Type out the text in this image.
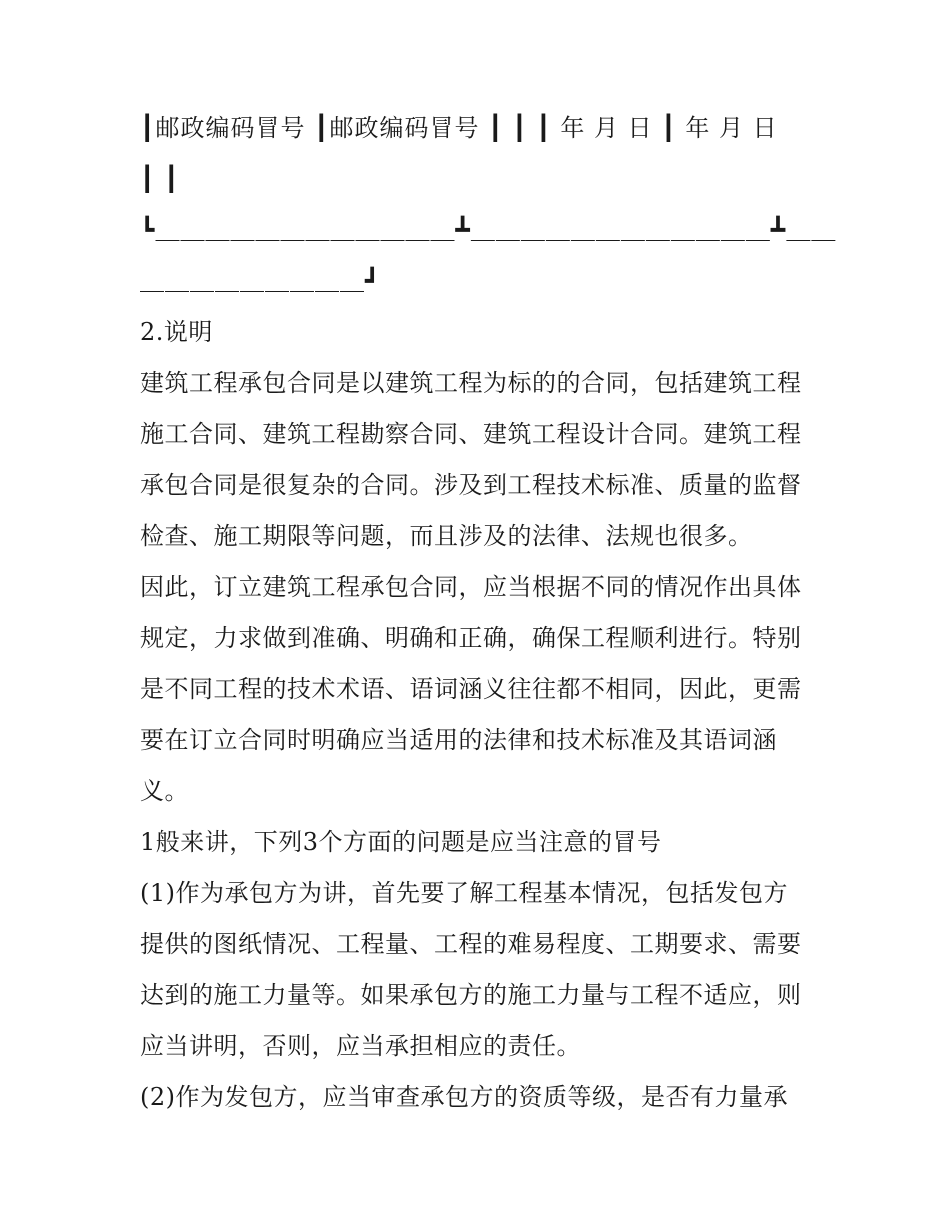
┃邮政编码冒号 ┃邮政编码冒号 ┃ ┃ ┃ 年 月 日 ┃ 年 月 日
┃ ┃
┗＿＿＿＿＿＿＿＿＿＿＿＿┻＿＿＿＿＿＿＿＿＿＿＿＿┻＿＿
＿＿＿＿＿＿＿＿＿┛
2.说明
建筑工程承包合同是以建筑工程为标的的合同，包括建筑工程
施工合同、建筑工程勘察合同、建筑工程设计合同。建筑工程
承包合同是很复杂的合同。涉及到工程技术标准、质量的监督
检查、施工期限等问题，而且涉及的法律、法规也很多。
因此，订立建筑工程承包合同，应当根据不同的情况作出具体
规定，力求做到准确、明确和正确，确保工程顺利进行。特别
是不同工程的技术术语、语词涵义往往都不相同，因此，更需
要在订立合同时明确应当适用的法律和技术标准及其语词涵
义。
1般来讲，下列3个方面的问题是应当注意的冒号
(1)作为承包方为讲，首先要了解工程基本情况，包括发包方
提供的图纸情况、工程量、工程的难易程度、工期要求、需要
达到的施工力量等。如果承包方的施工力量与工程不适应，则
应当讲明，否则，应当承担相应的责任。
(2)作为发包方，应当审查承包方的资质等级，是否有力量承
